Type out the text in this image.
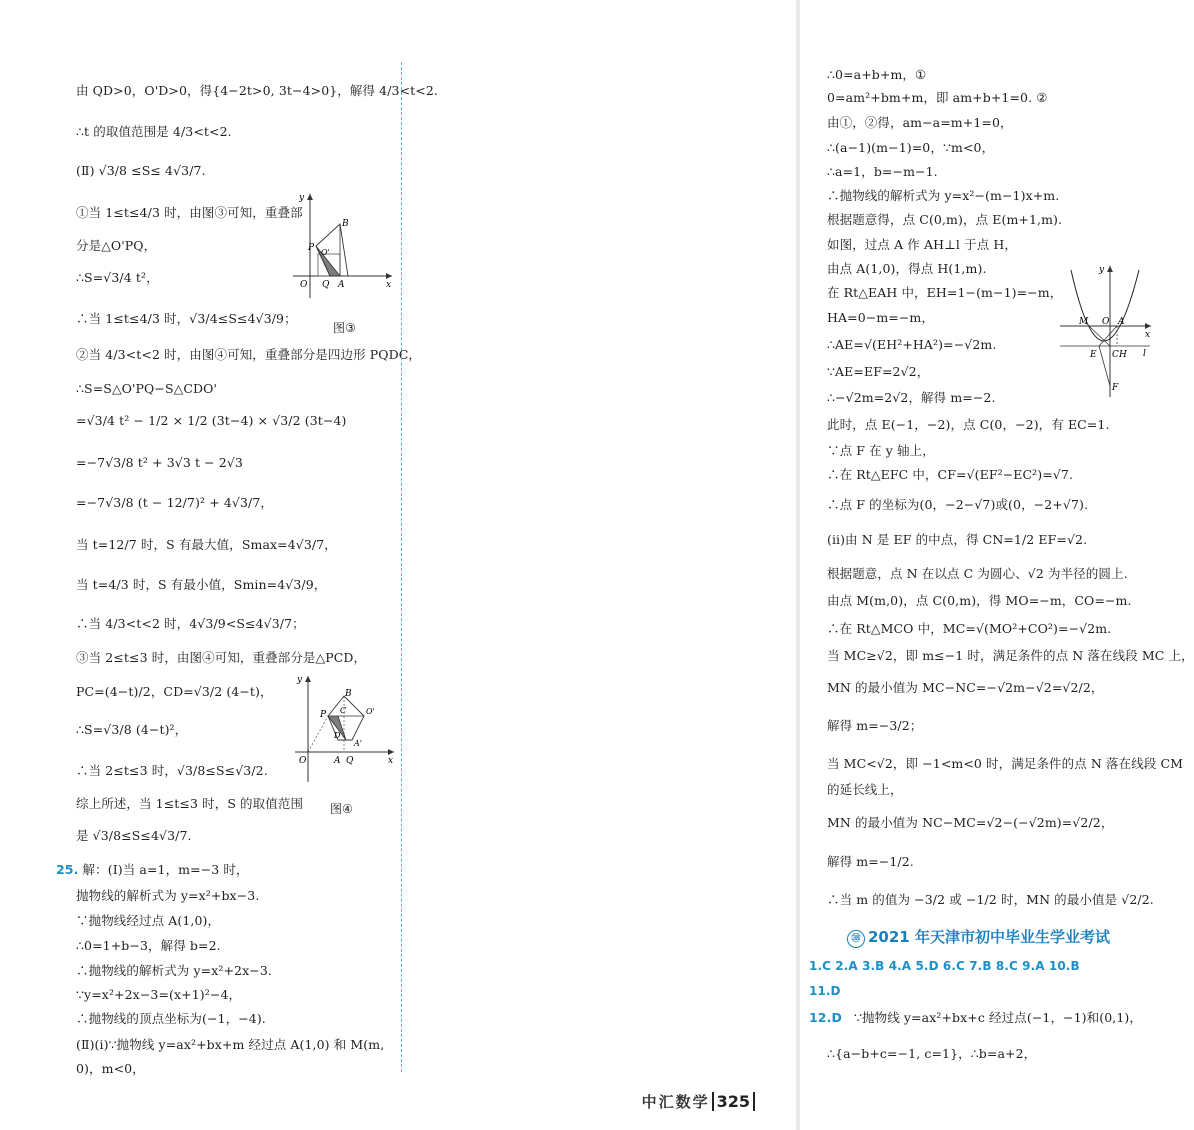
由 QD>0，O'D>0，得{4−2t>0, 3t−4>0}，解得 4/3<t<2.
∴t 的取值范围是 4/3<t<2.
(Ⅱ) √3/8 ≤S≤ 4√3/7.
①当 1≤t≤4/3 时，由图③可知，重叠部
分是△O'PQ，
∴S=√3/4 t²，
∴当 1≤t≤4/3 时，√3/4≤S≤4√3/9；
②当 4/3<t<2 时，由图④可知，重叠部分是四边形 PQDC，
∴S=S△O'PQ−S△CDO'
=√3/4 t² − 1/2 × 1/2 (3t−4) × √3/2 (3t−4)
=−7√3/8 t² + 3√3 t − 2√3
=−7√3/8 (t − 12/7)² + 4√3/7，
当 t=12/7 时，S 有最大值，Smax=4√3/7，
当 t=4/3 时，S 有最小值，Smin=4√3/9，
∴当 4/3<t<2 时，4√3/9<S≤4√3/7；
③当 2≤t≤3 时，由图④可知，重叠部分是△PCD，
PC=(4−t)/2，CD=√3/2 (4−t)，
∴S=√3/8 (4−t)²，
∴当 2≤t≤3 时，√3/8≤S≤√3/2.
综上所述，当 1≤t≤3 时，S 的取值范围
是 √3/8≤S≤4√3/7.
25. 解：(Ⅰ)当 a=1，m=−3 时，
抛物线的解析式为 y=x²+bx−3.
∵抛物线经过点 A(1,0)，
∴0=1+b−3，解得 b=2.
∴抛物线的解析式为 y=x²+2x−3.
∵y=x²+2x−3=(x+1)²−4，
∴抛物线的顶点坐标为(−1，−4).
(Ⅱ)(ⅰ)∵抛物线 y=ax²+bx+m 经过点 A(1,0) 和 M(m,
0)，m<0，
y
B
P O'
O Q A	x
图③
y
B
P C O'
D
O	A Q
A'
x
图④
∴0=a+b+m，①
0=am²+bm+m，即 am+b+1=0. ②
由①，②得，am−a=m+1=0，
∴(a−1)(m−1)=0，∵m<0，
∴a=1，b=−m−1.
∴抛物线的解析式为 y=x²−(m−1)x+m.
根据题意得，点 C(0,m)，点 E(m+1,m).
如图，过点 A 作 AH⊥l 于点 H，
由点 A(1,0)，得点 H(1,m).
在 Rt△EAH 中，EH=1−(m−1)=−m，
HA=0−m=−m，
∴AE=√(EH²+HA²)=−√2m.
∵AE=EF=2√2，
∴−√2m=2√2，解得 m=−2.
此时，点 E(−1，−2)，点 C(0，−2)，有 EC=1.
∵点 F 在 y 轴上，
∴在 Rt△EFC 中，CF=√(EF²−EC²)=√7.
∴点 F 的坐标为(0，−2−√7)或(0，−2+√7).
(ⅱ)由 N 是 EF 的中点，得 CN=1/2 EF=√2.
根据题意，点 N 在以点 C 为圆心、√2 为半径的圆上.
由点 M(m,0)，点 C(0,m)，得 MO=−m，CO=−m.
∴在 Rt△MCO 中，MC=√(MO²+CO²)=−√2m.
当 MC≥√2，即 m≤−1 时，满足条件的点 N 落在线段 MC 上，
MN 的最小值为 MC−NC=−√2m−√2=√2/2，
解得 m=−3/2；
当 MC<√2，即 −1<m<0 时，满足条件的点 N 落在线段 CM
的延长线上，
MN 的最小值为 NC−MC=√2−(−√2m)=√2/2，
解得 m=−1/2.
∴当 m 的值为 −3/2 或 −1/2 时，MN 的最小值是 √2/2.
y
M O A
x
E C H l
F
㊳ 2021 年天津市初中毕业生学业考试
1.C 2.A 3.B 4.A 5.D 6.C 7.B 8.C 9.A 10.B
11.D
12.D ∵抛物线 y=ax²+bx+c 经过点(−1，−1)和(0,1)，
∴{a−b+c=−1, c=1}，∴b=a+2，
中汇数学 325
